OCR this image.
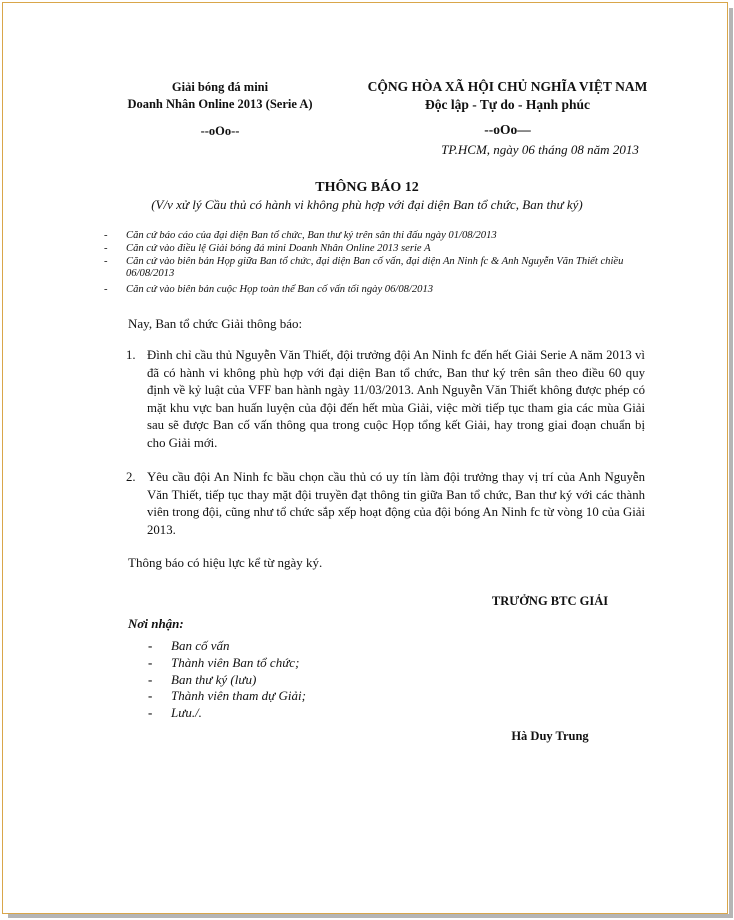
Giải bóng đá mini
Doanh Nhân Online 2013 (Serie A)
--oOo--
CỘNG HÒA XÃ HỘI CHỦ NGHĨA VIỆT NAM
Độc lập - Tự do - Hạnh phúc
--oOo—
TP.HCM, ngày 06 tháng 08 năm 2013
THÔNG BÁO 12
(V/v xử lý Cầu thủ có hành vi không phù hợp với đại diện Ban tổ chức, Ban thư ký)
- Căn cứ báo cáo của đại diện Ban tổ chức, Ban thư ký trên sân thi đấu ngày 01/08/2013
- Căn cứ vào điều lệ Giải bóng đá mini Doanh Nhân Online 2013 serie A
- Căn cứ vào biên bản Họp giữa Ban tổ chức, đại diện Ban cố vấn, đại diện An Ninh fc & Anh Nguyễn Văn Thiết chiều 06/08/2013
- Căn cứ vào biên bản cuộc Họp toàn thể Ban cố vấn tối ngày 06/08/2013
Nay, Ban tổ chức Giải thông báo:
1. Đình chỉ cầu thủ Nguyễn Văn Thiết, đội trưởng đội An Ninh fc đến hết Giải Serie A năm 2013 vì đã có hành vi không phù hợp với đại diện Ban tổ chức, Ban thư ký trên sân theo điều 60 quy định về kỷ luật của VFF ban hành ngày 11/03/2013. Anh Nguyễn Văn Thiết không được phép có mặt khu vực ban huấn luyện của đội đến hết mùa Giải, việc mời tiếp tục tham gia các mùa Giải sau sẽ được Ban cố vấn thông qua trong cuộc Họp tổng kết Giải, hay trong giai đoạn chuẩn bị cho Giải mới.
2. Yêu cầu đội An Ninh fc bầu chọn cầu thủ có uy tín làm đội trưởng thay vị trí của Anh Nguyễn Văn Thiết, tiếp tục thay mặt đội truyền đạt thông tin giữa Ban tổ chức, Ban thư ký với các thành viên trong đội, cũng như tổ chức sắp xếp hoạt động của đội bóng An Ninh fc từ vòng 10 của Giải 2013.
Thông báo có hiệu lực kể từ ngày ký.
TRƯỞNG BTC GIẢI
Nơi nhận:
- Ban cố vấn
- Thành viên Ban tổ chức;
- Ban thư ký (lưu)
- Thành viên tham dự Giải;
- Lưu./.
Hà Duy Trung
